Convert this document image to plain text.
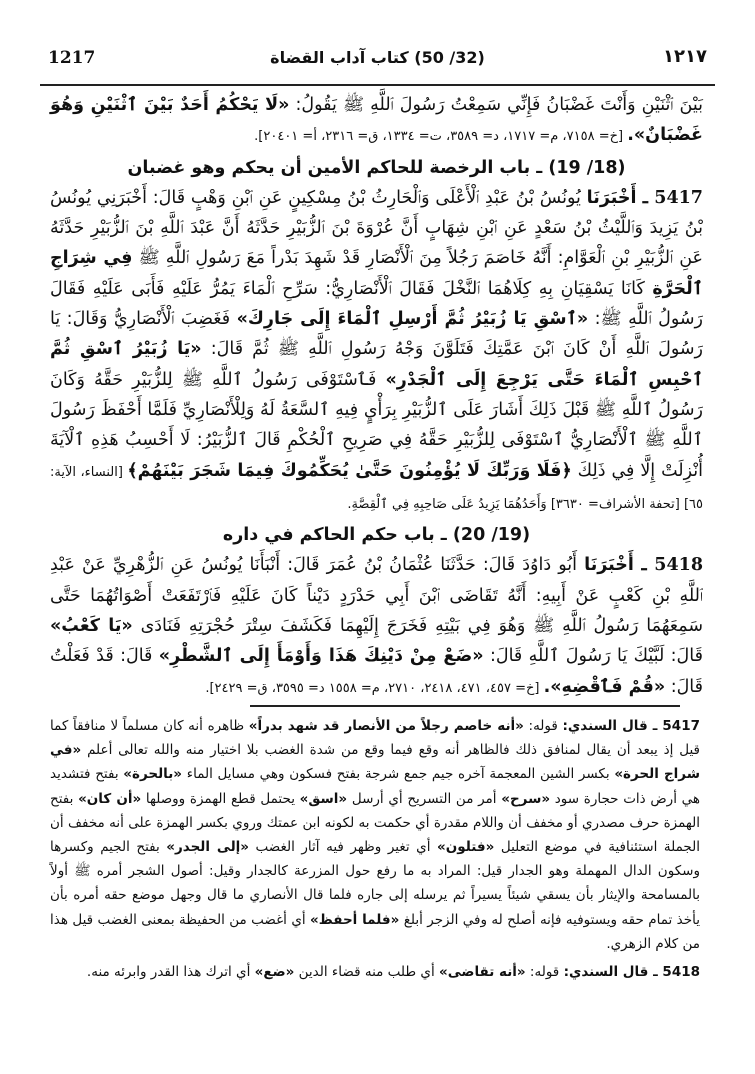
1217	(32/ 50) كتاب آداب القضاة	١٢١٧

بَيْنَ ٱثْنَيْنِ وَأَنْتَ غَضْبَانُ فَإِنِّي سَمِعْتُ رَسُولَ ٱللَّهِ ﷺ يَقُولُ: «لَا يَحْكُمُ أَحَدٌ بَيْنَ ٱثْنَيْنِ وَهُوَ غَضْبَانٌ». [خ= ٧١٥٨، م= ١٧١٧، د= ٣٥٨٩، ت= ١٣٣٤، ق= ٢٣١٦، أ= ٢٠٤٠١].

(18/ 19) ـ باب الرخصة للحاكم الأمين أن يحكم وهو غضبان

5417 ـ أَخْبَرَنَا يُونُسُ بْنُ عَبْدِ ٱلْأَعْلَى وَٱلْحَارِثُ بْنُ مِسْكِينٍ عَنِ ٱبْنِ وَهْبٍ قَالَ: أَخْبَرَنِي يُونُسُ بْنُ يَزِيدَ وَٱللَّيْثُ بْنُ سَعْدٍ عَنِ ٱبْنِ شِهَابٍ أَنَّ عُرْوَةَ بْنَ ٱلزُّبَيْرِ حَدَّثَهُ أَنَّ عَبْدَ ٱللَّهِ بْنَ ٱلزُّبَيْرِ حَدَّثَهُ عَنِ ٱلزُّبَيْرِ بْنِ ٱلْعَوَّامِ: أَنَّهُ خَاصَمَ رَجُلاً مِنَ ٱلْأَنْصَارِ قَدْ شَهِدَ بَدْراً مَعَ رَسُولِ ٱللَّهِ ﷺ فِي شِرَاجِ ٱلْحَرَّةِ كَانَا يَسْقِيَانِ بِهِ كِلَاهُمَا ٱلنَّخْلَ فَقَالَ ٱلْأَنْصَارِيُّ: سَرِّحِ ٱلْمَاءَ يَمُرُّ عَلَيْهِ فَأَبَى عَلَيْهِ فَقَالَ رَسُولُ ٱللَّهِ ﷺ: «ٱسْقِ يَا زُبَيْرُ ثُمَّ أَرْسِلِ ٱلْمَاءَ إِلَى جَارِكَ» فَغَضِبَ ٱلْأَنْصَارِيُّ وَقَالَ: يَا رَسُولَ ٱللَّهِ أَنْ كَانَ ٱبْنَ عَمَّتِكَ فَتَلَوَّنَ وَجْهُ رَسُولِ ٱللَّهِ ﷺ ثُمَّ قَالَ: «يَا زُبَيْرُ ٱسْقِ ثُمَّ ٱحْبِسِ ٱلْمَاءَ حَتَّى يَرْجِعَ إِلَى ٱلْجَدْرِ» فَٱسْتَوْفَى رَسُولُ ٱللَّهِ ﷺ لِلزُّبَيْرِ حَقَّهُ وَكَانَ رَسُولُ ٱللَّهِ ﷺ قَبْلَ ذَلِكَ أَشَارَ عَلَى ٱلزُّبَيْرِ بِرَأْيٍ فِيهِ ٱلسَّعَةُ لَهُ وَلِلْأَنْصَارِيِّ فَلَمَّا أَحْفَظَ رَسُولَ ٱللَّهِ ﷺ ٱلْأَنْصَارِيُّ ٱسْتَوْفَى لِلزُّبَيْرِ حَقَّهُ فِي صَرِيحِ ٱلْحُكْمِ قَالَ ٱلزُّبَيْرُ: لَا أَحْسِبُ هَذِهِ ٱلْآيَةَ أُنْزِلَتْ إِلَّا فِي ذَلِكَ ﴿فَلَا وَرَبِّكَ لَا يُؤْمِنُونَ حَتَّىٰ يُحَكِّمُوكَ فِيمَا شَجَرَ بَيْنَهُمْ﴾ [النساء، الآية: ٦٥] [تحفة الأشراف= ٣٦٣٠] وَأَحَدُهُمَا يَزِيدُ عَلَى صَاحِبِهِ فِي ٱلْقِصَّةِ.

(19/ 20) ـ باب حكم الحاكم في داره

5418 ـ أَخْبَرَنَا أَبُو دَاوُدَ قَالَ: حَدَّثَنَا عُثْمَانُ بْنُ عُمَرَ قَالَ: أَنْبَأَنَا يُونُسُ عَنِ ٱلزُّهْرِيِّ عَنْ عَبْدِ ٱللَّهِ بْنِ كَعْبٍ عَنْ أَبِيهِ: أَنَّهُ تَقَاضَى ٱبْنَ أَبِي حَدْرَدٍ دَيْناً كَانَ عَلَيْهِ فَٱرْتَفَعَتْ أَصْوَاتُهُمَا حَتَّى سَمِعَهُمَا رَسُولُ ٱللَّهِ ﷺ وَهُوَ فِي بَيْتِهِ فَخَرَجَ إِلَيْهِمَا فَكَشَفَ سِتْرَ حُجْرَتِهِ فَنَادَى «يَا كَعْبُ» قَالَ: لَبَّيْكَ يَا رَسُولَ ٱللَّهِ قَالَ: «ضَعْ مِنْ دَيْنِكَ هَذَا وَأَوْمَأَ إِلَى ٱلشَّطْرِ» قَالَ: قَدْ فَعَلْتُ قَالَ: «قُمْ فَٱقْضِهِ». [خ= ٤٥٧، ٤٧١، ٢٤١٨، ٢٧١٠، م= ١٥٥٨ د= ٣٥٩٥، ق= ٢٤٢٩].

5417 ـ قال السندي: قوله: «أنه خاصم رجلاً من الأنصار قد شهد بدراً» ظاهره أنه كان مسلماً لا منافقاً كما قيل إذ يبعد أن يقال لمنافق ذلك فالظاهر أنه وقع فيما وقع من شدة الغضب بلا اختيار منه والله تعالى أعلم «في شراج الحرة» بكسر الشين المعجمة آخره جيم جمع شرجة بفتح فسكون وهي مسايل الماء «بالحرة» بفتح فتشديد هي أرض ذات حجارة سود «سرح» أمر من التسريح أي أرسل «اسق» يحتمل قطع الهمزة ووصلها «أن كان» بفتح الهمزة حرف مصدري أو مخفف أن واللام مقدرة أي حكمت به لكونه ابن عمتك وروي بكسر الهمزة على أنه مخفف أن الجملة استئنافية في موضع التعليل «فتلون» أي تغير وظهر فيه آثار الغضب «إلى الجدر» بفتح الجيم وكسرها وسكون الدال المهملة وهو الجدار قيل: المراد به ما رفع حول المزرعة كالجدار وقيل: أصول الشجر أمره ﷺ أولاً بالمسامحة والإيثار بأن يسقي شيئاً يسيراً ثم يرسله إلى جاره فلما قال الأنصاري ما قال وجهل موضع حقه أمره بأن يأخذ تمام حقه ويستوفيه فإنه أصلح له وفي الزجر أبلغ «فلما أحفظ» أي أغضب من الحفيظة بمعنى الغضب قيل هذا من كلام الزهري.

5418 ـ قال السندي: قوله: «أنه تقاضى» أي طلب منه قضاء الدين «ضع» أي اترك هذا القدر وابرئه منه.
